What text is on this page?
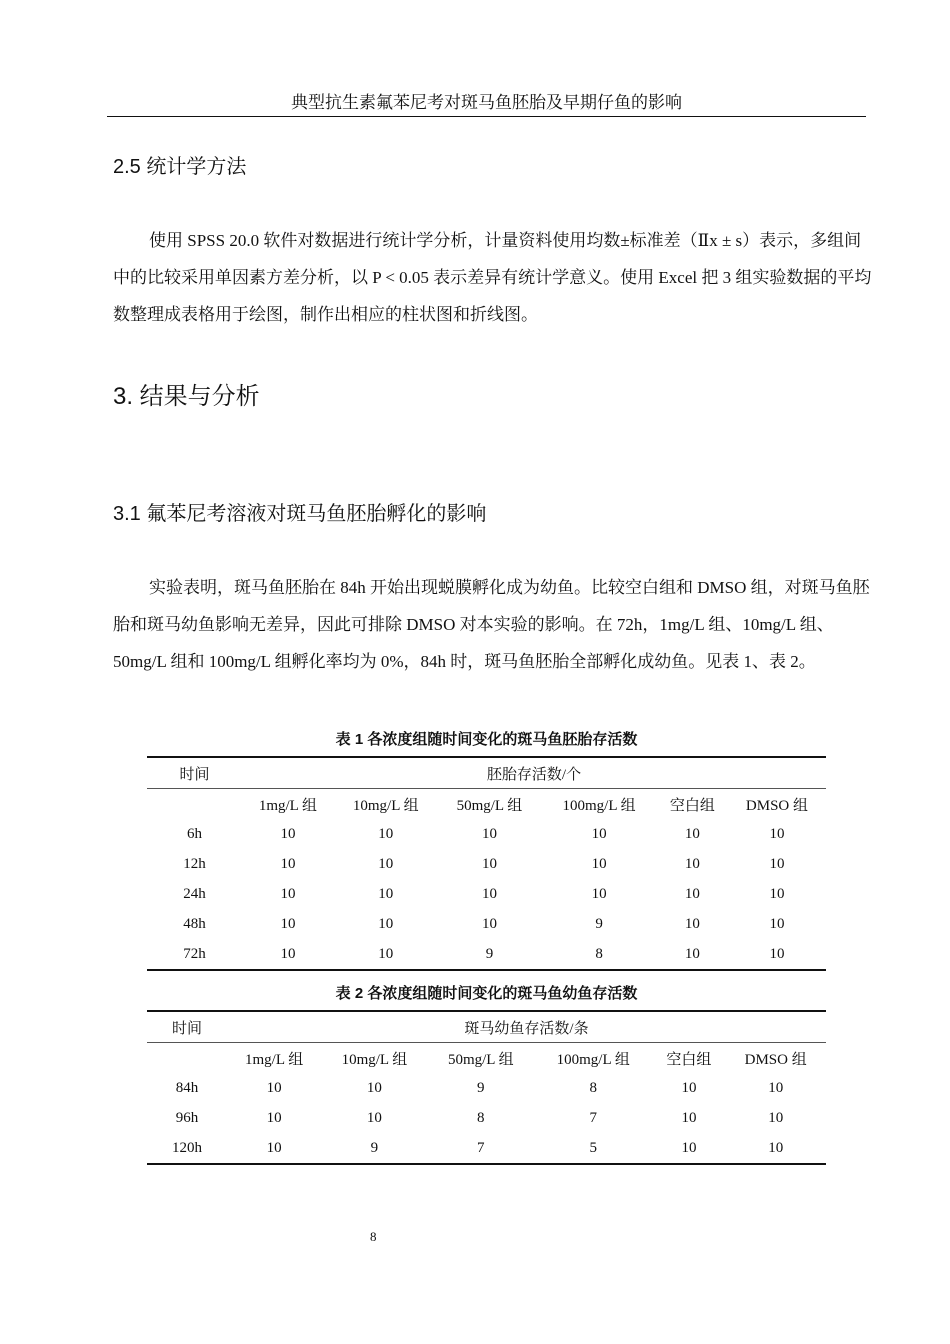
典型抗生素氟苯尼考对斑马鱼胚胎及早期仔鱼的影响
2.5 统计学方法

使用 SPSS 20.0 软件对数据进行统计学分析，计量资料使用均数±标准差（Ⅱx ± s）表示，多组间中的比较采用单因素方差分析，以 P < 0.05 表示差异有统计学意义。使用 Excel 把 3 组实验数据的平均数整理成表格用于绘图，制作出相应的柱状图和折线图。

3. 结果与分析
3.1 氟苯尼考溶液对斑马鱼胚胎孵化的影响

实验表明，斑马鱼胚胎在 84h 开始出现蜕膜孵化成为幼鱼。比较空白组和 DMSO 组，对斑马鱼胚胎和斑马幼鱼影响无差异，因此可排除 DMSO 对本实验的影响。在 72h，1mg/L 组、10mg/L 组、50mg/L 组和 100mg/L 组孵化率均为 0%，84h 时，斑马鱼胚胎全部孵化成幼鱼。见表 1、表 2。

表 1 各浓度组随时间变化的斑马鱼胚胎存活数
时间	胚胎存活数/个					
	1mg/L 组	10mg/L 组	50mg/L 组	100mg/L 组	空白组	DMSO 组
6h	10	10	10	10	10	10
12h	10	10	10	10	10	10
24h	10	10	10	10	10	10
48h	10	10	10	9	10	10
72h	10	10	9	8	10	10
表 2 各浓度组随时间变化的斑马鱼幼鱼存活数
时间	斑马幼鱼存活数/条					
	1mg/L 组	10mg/L 组	50mg/L 组	100mg/L 组	空白组	DMSO 组
84h	10	10	9	8	10	10
96h	10	10	8	7	10	10
120h	10	9	7	5	10	10
8
